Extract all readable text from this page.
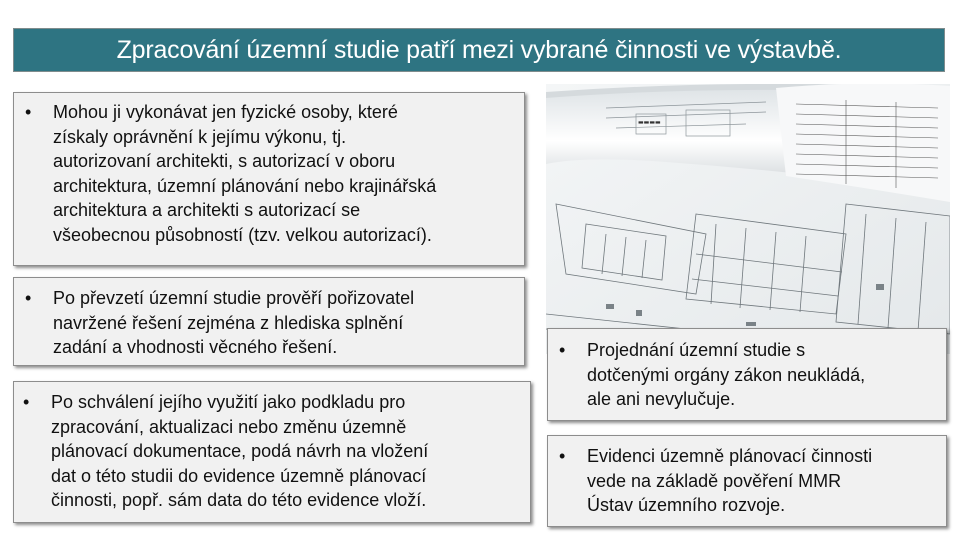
Zpracování územní studie patří mezi vybrané činnosti ve výstavbě.
▬▬▬▬
•	Mohou ji vykonávat jen fyzické osoby, které
získaly oprávnění k jejímu výkonu, tj.
autorizovaní architekti, s autorizací v oboru
architektura, územní plánování nebo krajinářská
architektura a architekti s autorizací se
všeobecnou působností (tzv. velkou autorizací).
•	Po převzetí územní studie prověří pořizovatel
navržené řešení zejména z hlediska splnění
zadání a vhodnosti věcného řešení.
•	Po schválení jejího využití jako podkladu pro
zpracování, aktualizaci nebo změnu územně
plánovací dokumentace, podá návrh na vložení
dat o této studii do evidence územně plánovací
činnosti, popř. sám data do této evidence vloží.
•	Projednání územní studie s
dotčenými orgány zákon neukládá,
ale ani nevylučuje.
•	Evidenci územně plánovací činnosti
vede na základě pověření MMR
Ústav územního rozvoje.
